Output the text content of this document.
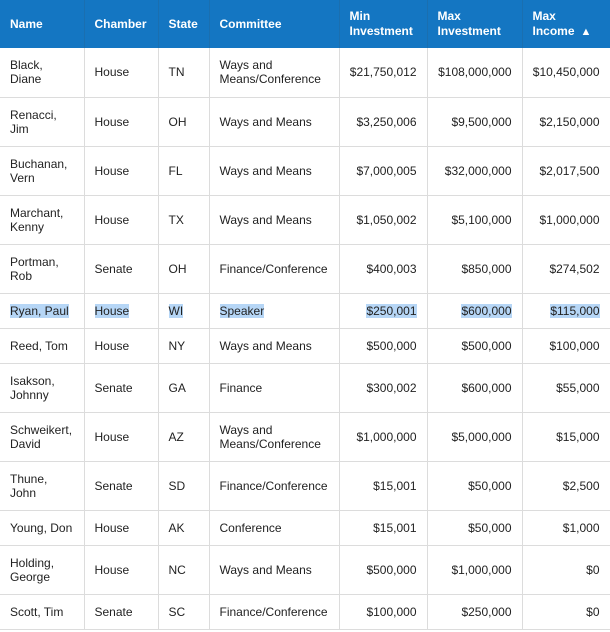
Name	Chamber	State	Committee	Min Investment	Max Investment	Max Income ▲
Black, Diane	House	TN	Ways and Means/Conference	$21,750,012	$108,000,000	$10,450,000
Renacci, Jim	House	OH	Ways and Means	$3,250,006	$9,500,000	$2,150,000
Buchanan, Vern	House	FL	Ways and Means	$7,000,005	$32,000,000	$2,017,500
Marchant, Kenny	House	TX	Ways and Means	$1,050,002	$5,100,000	$1,000,000
Portman, Rob	Senate	OH	Finance/Conference	$400,003	$850,000	$274,502
Ryan, Paul	House	WI	Speaker	$250,001	$600,000	$115,000
Reed, Tom	House	NY	Ways and Means	$500,000	$500,000	$100,000
Isakson, Johnny	Senate	GA	Finance	$300,002	$600,000	$55,000
Schweikert, David	House	AZ	Ways and Means/Conference	$1,000,000	$5,000,000	$15,000
Thune, John	Senate	SD	Finance/Conference	$15,001	$50,000	$2,500
Young, Don	House	AK	Conference	$15,001	$50,000	$1,000
Holding, George	House	NC	Ways and Means	$500,000	$1,000,000	$0
Scott, Tim	Senate	SC	Finance/Conference	$100,000	$250,000	$0
